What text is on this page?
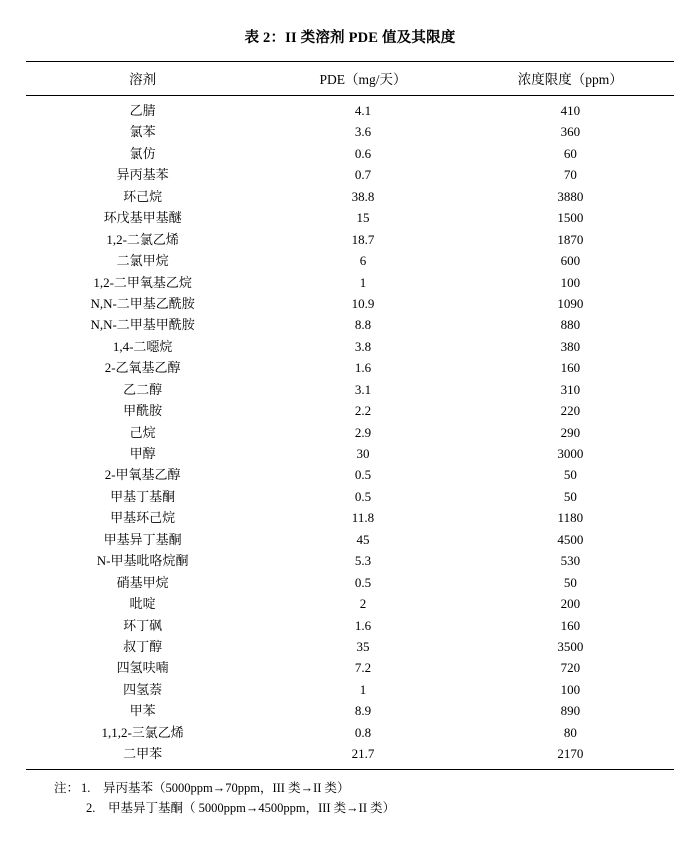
表 2：II 类溶剂 PDE 值及其限度
溶剂	PDE（mg/天）	浓度限度（ppm）
乙腈	4.1	410
氯苯	3.6	360
氯仿	0.6	60
异丙基苯	0.7	70
环己烷	38.8	3880
环戊基甲基醚	15	1500
1,2-二氯乙烯	18.7	1870
二氯甲烷	6	600
1,2-二甲氧基乙烷	1	100
N,N-二甲基乙酰胺	10.9	1090
N,N-二甲基甲酰胺	8.8	880
1,4-二噁烷	3.8	380
2-乙氧基乙醇	1.6	160
乙二醇	3.1	310
甲酰胺	2.2	220
己烷	2.9	290
甲醇	30	3000
2-甲氧基乙醇	0.5	50
甲基丁基酮	0.5	50
甲基环己烷	11.8	1180
甲基异丁基酮	45	4500
N-甲基吡咯烷酮	5.3	530
硝基甲烷	0.5	50
吡啶	2	200
环丁砜	1.6	160
叔丁醇	35	3500
四氢呋喃	7.2	720
四氢萘	1	100
甲苯	8.9	890
1,1,2-三氯乙烯	0.8	80
二甲苯	21.7	2170
注： 1.	异丙基苯（5000ppm→70ppm，III 类→II 类）
2.	甲基异丁基酮（ 5000ppm→4500ppm，III 类→II 类）
